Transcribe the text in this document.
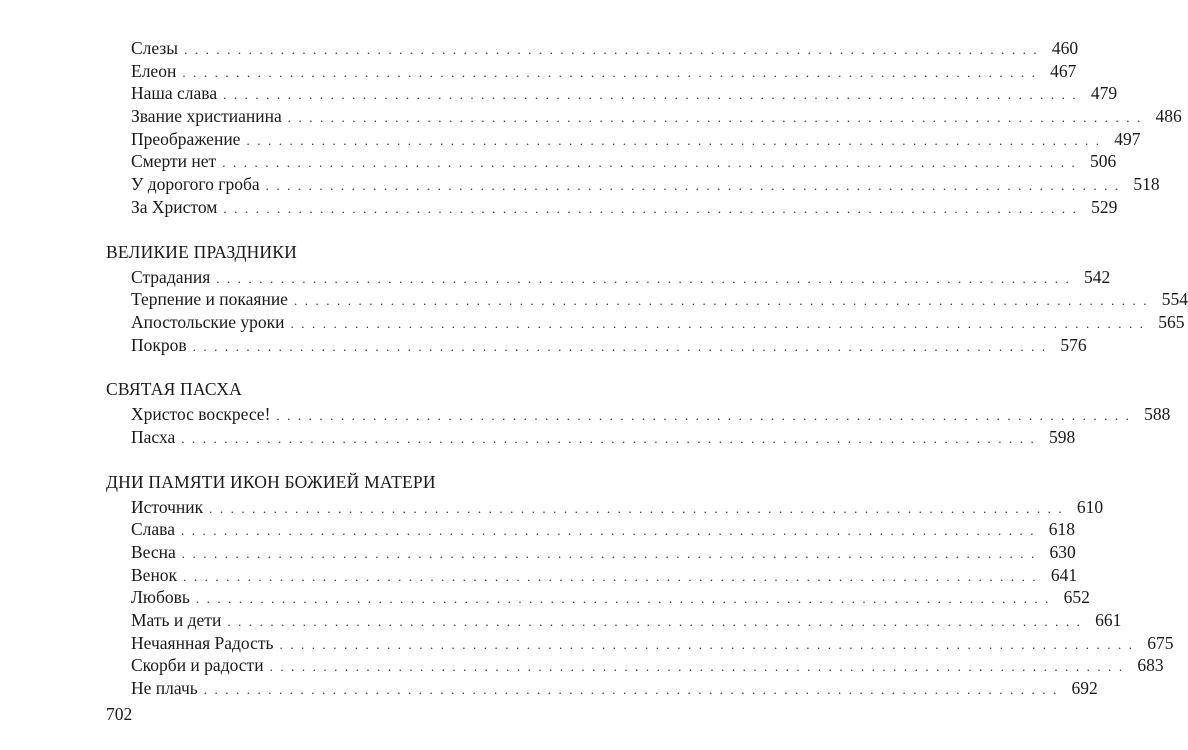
Слезы ................................................................................ 460
Елеон ................................................................................ 467
Наша слава ................................................................................ 479
Звание христианина ................................................................................ 486
Преображение ................................................................................ 497
Смерти нет ................................................................................ 506
У дорогого гроба ................................................................................ 518
За Христом ................................................................................ 529
ВЕЛИКИЕ ПРАЗДНИКИ
Страдания ................................................................................ 542
Терпение и покаяние ................................................................................ 554
Апостольские уроки ................................................................................ 565
Покров ................................................................................ 576
СВЯТАЯ ПАСХА
Христос воскресе! ................................................................................ 588
Пасха ................................................................................ 598
ДНИ ПАМЯТИ ИКОН БОЖИЕЙ МАТЕРИ
Источник ................................................................................ 610
Слава ................................................................................ 618
Весна ................................................................................ 630
Венок ................................................................................ 641
Любовь ................................................................................ 652
Мать и дети ................................................................................ 661
Нечаянная Радость ................................................................................ 675
Скорби и радости ................................................................................ 683
Не плачь ................................................................................ 692
702
